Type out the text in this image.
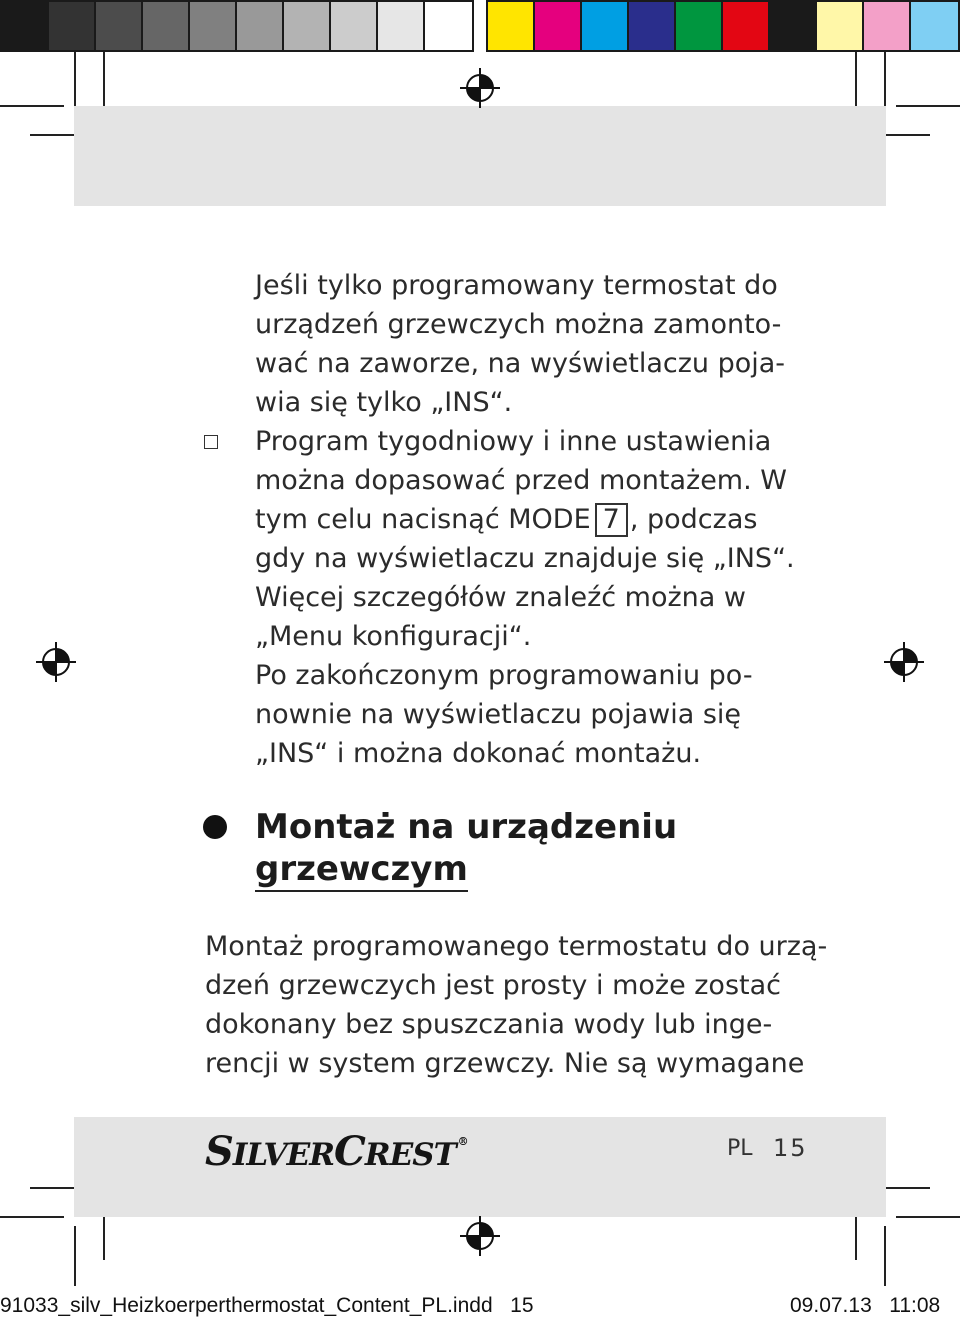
Jeśli tylko programowany termostat do
urządzeń grzewczych można zamonto-
wać na zaworze, na wyświetlaczu poja-
wia się tylko „INS“.
Program tygodniowy i inne ustawienia
można dopasować przed montażem. W
tym celu nacisnąć MODE 7 , podczas
gdy na wyświetlaczu znajduje się „INS“.
Więcej szczegółów znaleźć można w
„Menu konfiguracji“.
Po zakończonym programowaniu po-
nownie na wyświetlaczu pojawia się
„INS“ i można dokonać montażu.
Montaż na urządzeniu
grzewczym
Montaż programowanego termostatu do urzą-
dzeń grzewczych jest prosty i może zostać
dokonany bez spuszczania wody lub inge-
rencji w system grzewczy. Nie są wymagane
SILVERCREST ®	PL 15
91033_silv_Heizkoerperthermostat_Content_PL.indd   15	09.07.13   11:08
